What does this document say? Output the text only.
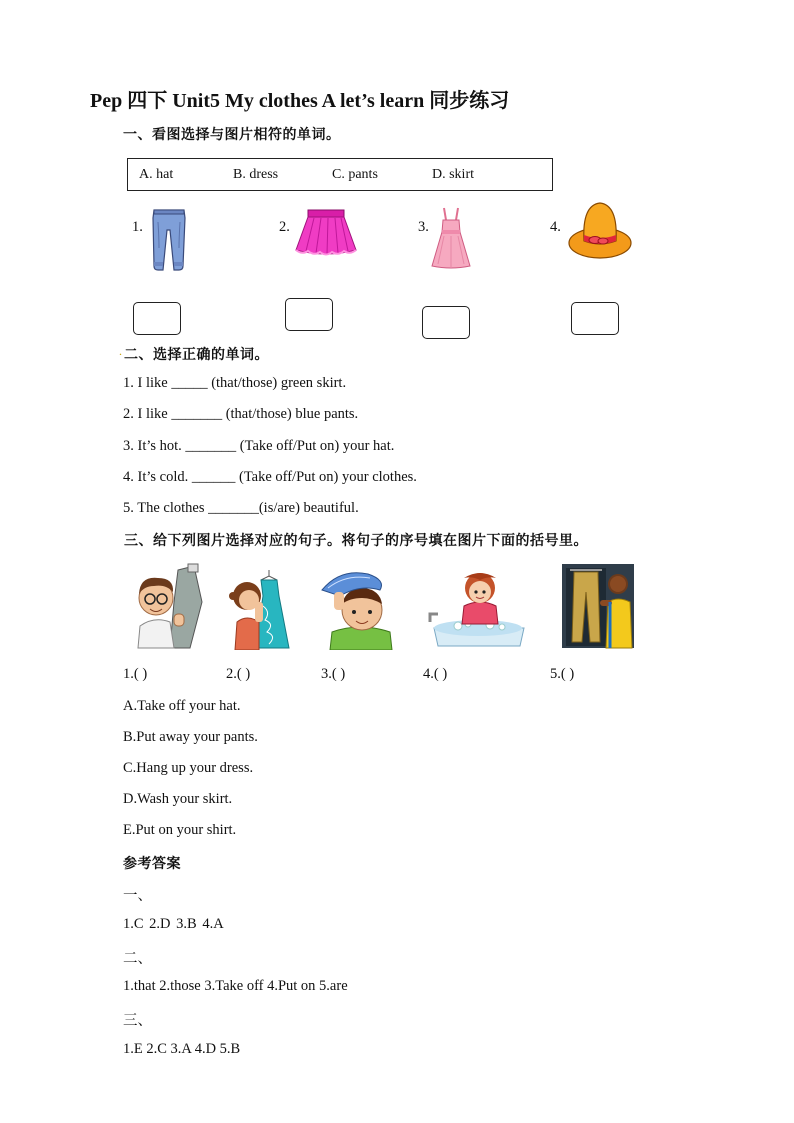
Pep 四下 Unit5 My clothes A let’s learn 同步练习
一、看图选择与图片相符的单词。
A. hat	B. dress	C. pants	D. skirt
1.	2.	3.	4.
. 二、选择正确的单词。
1. I like _____ (that/those) green skirt.
2. I like _______ (that/those) blue pants.
3. It’s hot. _______ (Take off/Put on) your hat.
4. It’s cold. ______ (Take off/Put on) your clothes.
5. The clothes _______(is/are) beautiful.
三、给下列图片选择对应的句子。将句子的序号填在图片下面的括号里。
1.( )	2.( )	3.( )	4.( )	5.( )
A.Take off your hat.
B.Put away your pants.
C.Hang up your dress.
D.Wash your skirt.
E.Put on your shirt.
参考答案
一、
1.C 2.D 3.B 4.A
二、
1.that 2.those 3.Take off 4.Put on 5.are
三、
1.E 2.C 3.A 4.D 5.B
